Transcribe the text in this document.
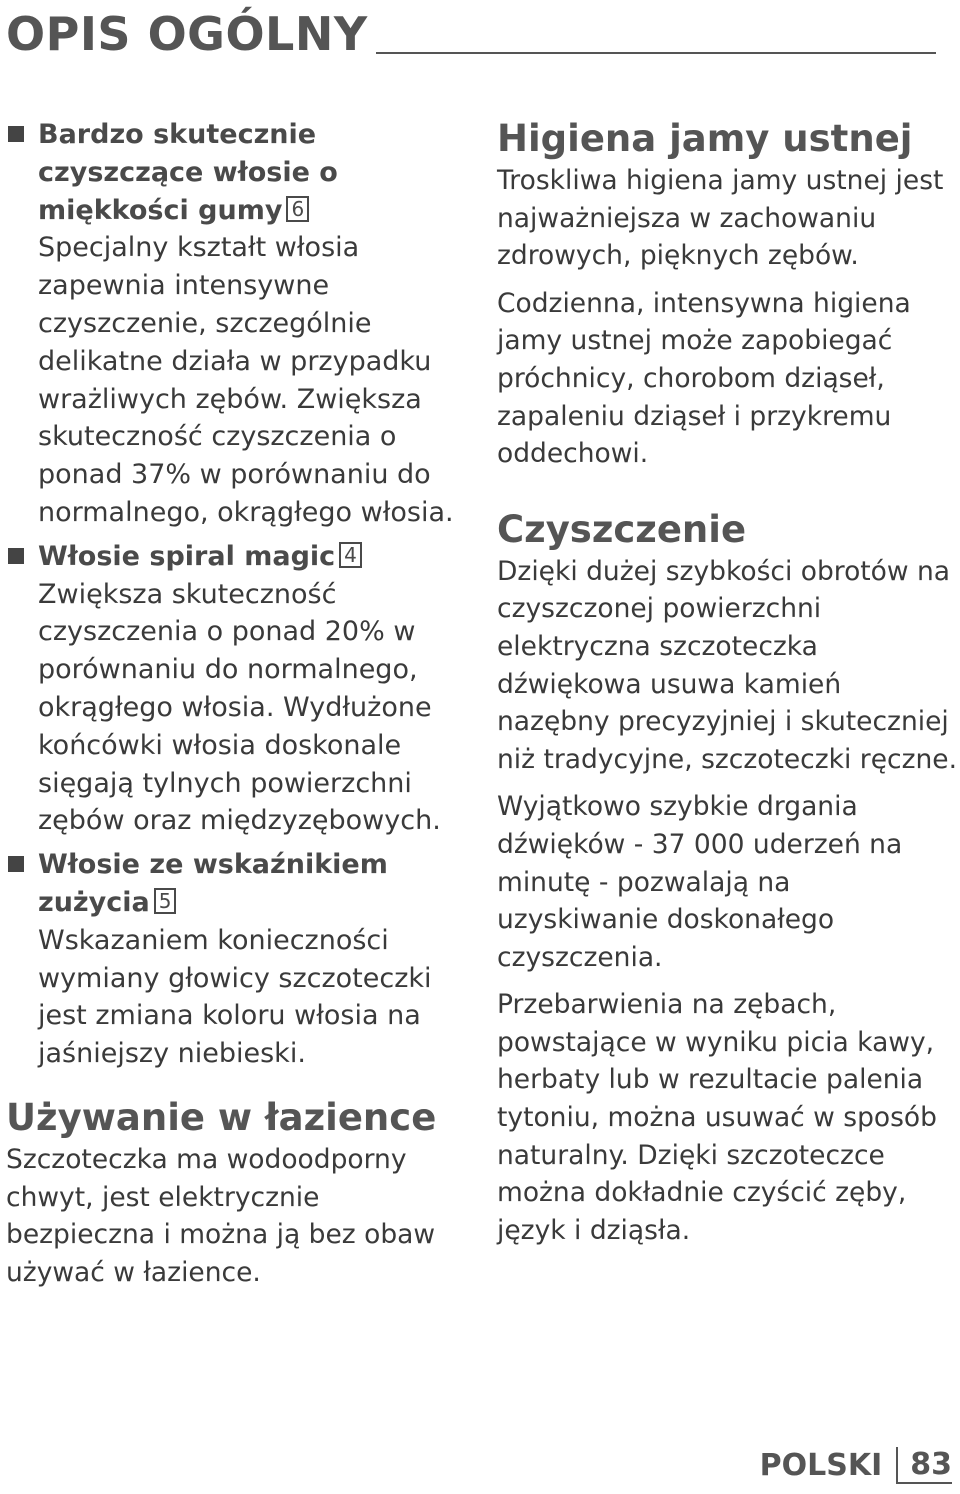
OPIS OGÓLNY
Bardzo skutecznie czyszczące włosie o miękkości gumy 6
Specjalny kształt włosia zapewnia intensywne czyszczenie, szczególnie delikatne działa w przypadku wrażliwych zębów. Zwiększa skuteczność czyszczenia o ponad 37% w porównaniu do normalnego, okrągłego włosia.
Włosie spiral magic 4
Zwiększa skuteczność czyszczenia o ponad 20% w porównaniu do normalnego, okrągłego włosia. Wydłużone końcówki włosia doskonale sięgają tylnych powierzchni zębów oraz międzyzębowych.
Włosie ze wskaźnikiem zużycia 5
Wskazaniem konieczności wymiany głowicy szczoteczki jest zmiana koloru włosia na jaśniejszy niebieski.
Używanie w łazience

Szczoteczka ma wodoodporny chwyt, jest elektrycznie bezpieczna i można ją bez obaw używać w łazience.

Higiena jamy ustnej

Troskliwa higiena jamy ustnej jest najważniejsza w zachowaniu zdrowych, pięknych zębów.

Codzienna, intensywna higiena jamy ustnej może zapobiegać próchnicy, chorobom dziąseł, zapaleniu dziąseł i przykremu oddechowi.

Czyszczenie

Dzięki dużej szybkości obrotów na czyszczonej powierzchni elektryczna szczoteczka dźwiękowa usuwa kamień nazębny precyzyjniej i skuteczniej niż tradycyjne, szczoteczki ręczne.

Wyjątkowo szybkie drgania dźwięków - 37 000 uderzeń na minutę - pozwalają na uzyskiwanie doskonałego czyszczenia.

Przebarwienia na zębach, powstające w wyniku picia kawy, herbaty lub w rezultacie palenia tytoniu, można usuwać w sposób naturalny. Dzięki szczoteczce można dokładnie czyścić zęby, język i dziąsła.

POLSKI 83
